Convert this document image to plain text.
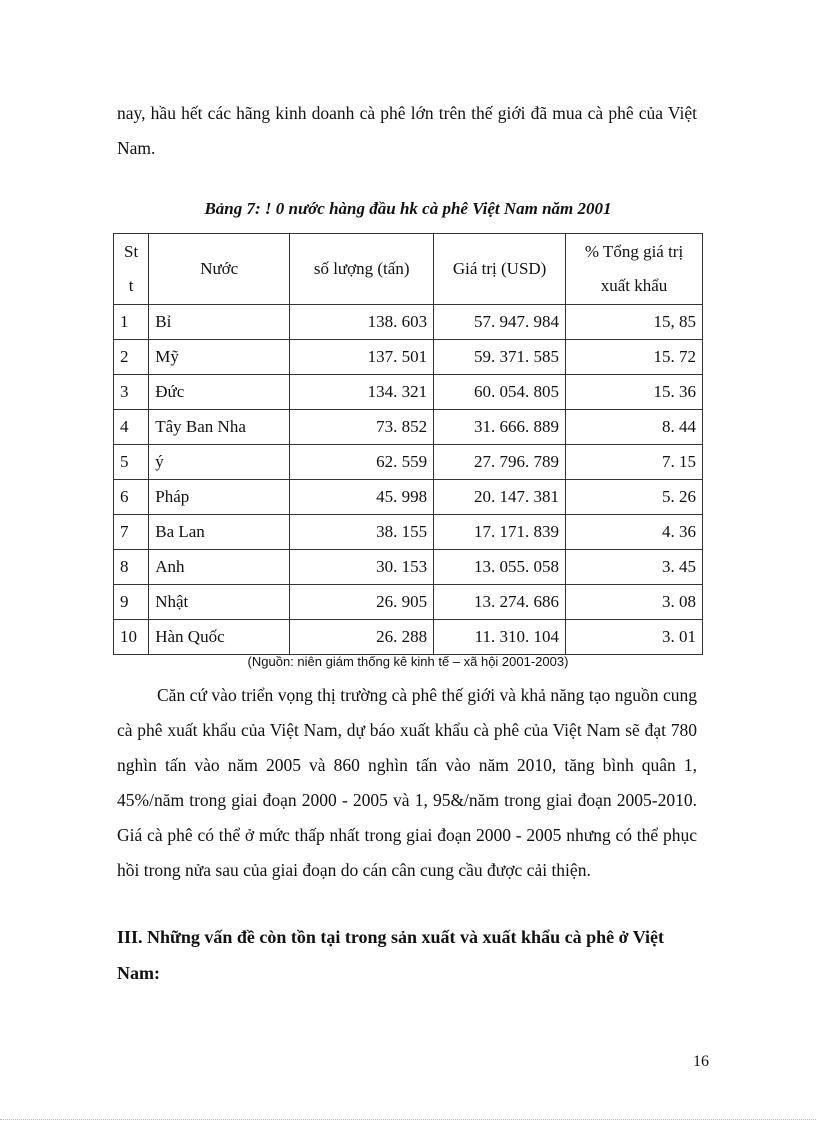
nay, hầu hết các hãng kinh doanh cà phê lớn trên thế giới đã mua cà phê của Việt Nam.

Bảng 7: ! 0 nước hàng đầu hk cà phê Việt Nam năm 2001
St t	Nước	số lượng (tấn)	Giá trị (USD)	% Tổng giá trị xuất khẩu
1	Bỉ	138. 603	57. 947. 984	15, 85
2	Mỹ	137. 501	59. 371. 585	15. 72
3	Đức	134. 321	60. 054. 805	15. 36
4	Tây Ban Nha	73. 852	31. 666. 889	8. 44
5	ý	62. 559	27. 796. 789	7. 15
6	Pháp	45. 998	20. 147. 381	5. 26
7	Ba Lan	38. 155	17. 171. 839	4. 36
8	Anh	30. 153	13. 055. 058	3. 45
9	Nhật	26. 905	13. 274. 686	3. 08
10	Hàn Quốc	26. 288	11. 310. 104	3. 01
(Nguồn: niên giám thống kê kinh tế – xã hội 2001-2003)

Căn cứ vào triển vọng thị trường cà phê thế giới và khả năng tạo nguồn cung cà phê xuất khẩu của Việt Nam, dự báo xuất khẩu cà phê của Việt Nam sẽ đạt 780 nghìn tấn vào năm 2005 và 860 nghìn tấn vào năm 2010, tăng bình quân 1, 45%/năm trong giai đoạn 2000 - 2005 và 1, 95&/năm trong giai đoạn 2005-2010. Giá cà phê có thể ở mức thấp nhất trong giai đoạn 2000 - 2005 nhưng có thể phục hồi trong nửa sau của giai đoạn do cán cân cung cầu được cải thiện.

III. Những vấn đề còn tồn tại trong sản xuất và xuất khẩu cà phê ở Việt Nam:
16
